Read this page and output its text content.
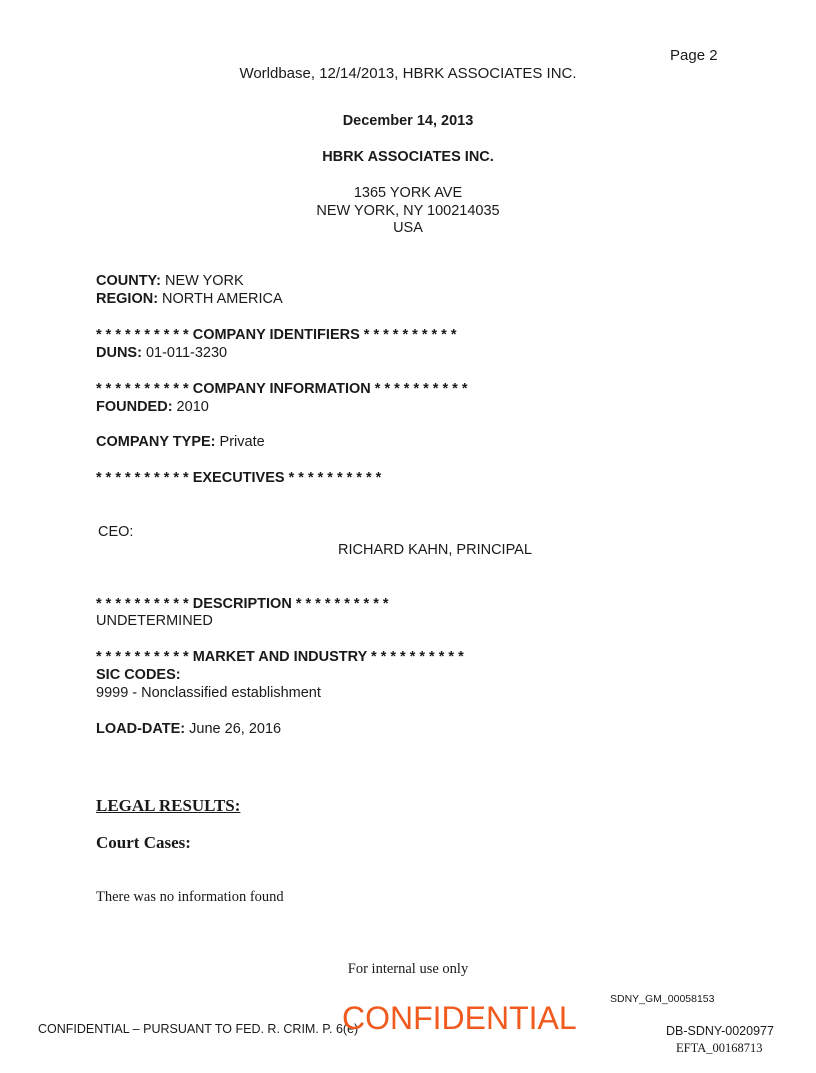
Page 2
Worldbase, 12/14/2013, HBRK ASSOCIATES INC.
December 14, 2013
HBRK ASSOCIATES INC.
1365 YORK AVE
NEW YORK, NY 100214035
USA
COUNTY: NEW YORK
REGION: NORTH AMERICA
* * * * * * * * * * COMPANY IDENTIFIERS * * * * * * * * * *
DUNS: 01-011-3230
* * * * * * * * * * COMPANY INFORMATION * * * * * * * * * *
FOUNDED: 2010
COMPANY TYPE: Private
* * * * * * * * * * EXECUTIVES * * * * * * * * * *
CEO:
RICHARD KAHN, PRINCIPAL
* * * * * * * * * * DESCRIPTION * * * * * * * * * *
UNDETERMINED
* * * * * * * * * * MARKET AND INDUSTRY * * * * * * * * * *
SIC CODES:
9999 - Nonclassified establishment
LOAD-DATE: June 26, 2016
LEGAL RESULTS:
Court Cases:
There was no information found
For internal use only
SDNY_GM_00058153
CONFIDENTIAL – PURSUANT TO FED. R. CRIM. P. 6(e)
CONFIDENTIAL	DB-SDNY-0020977
EFTA_00168713
